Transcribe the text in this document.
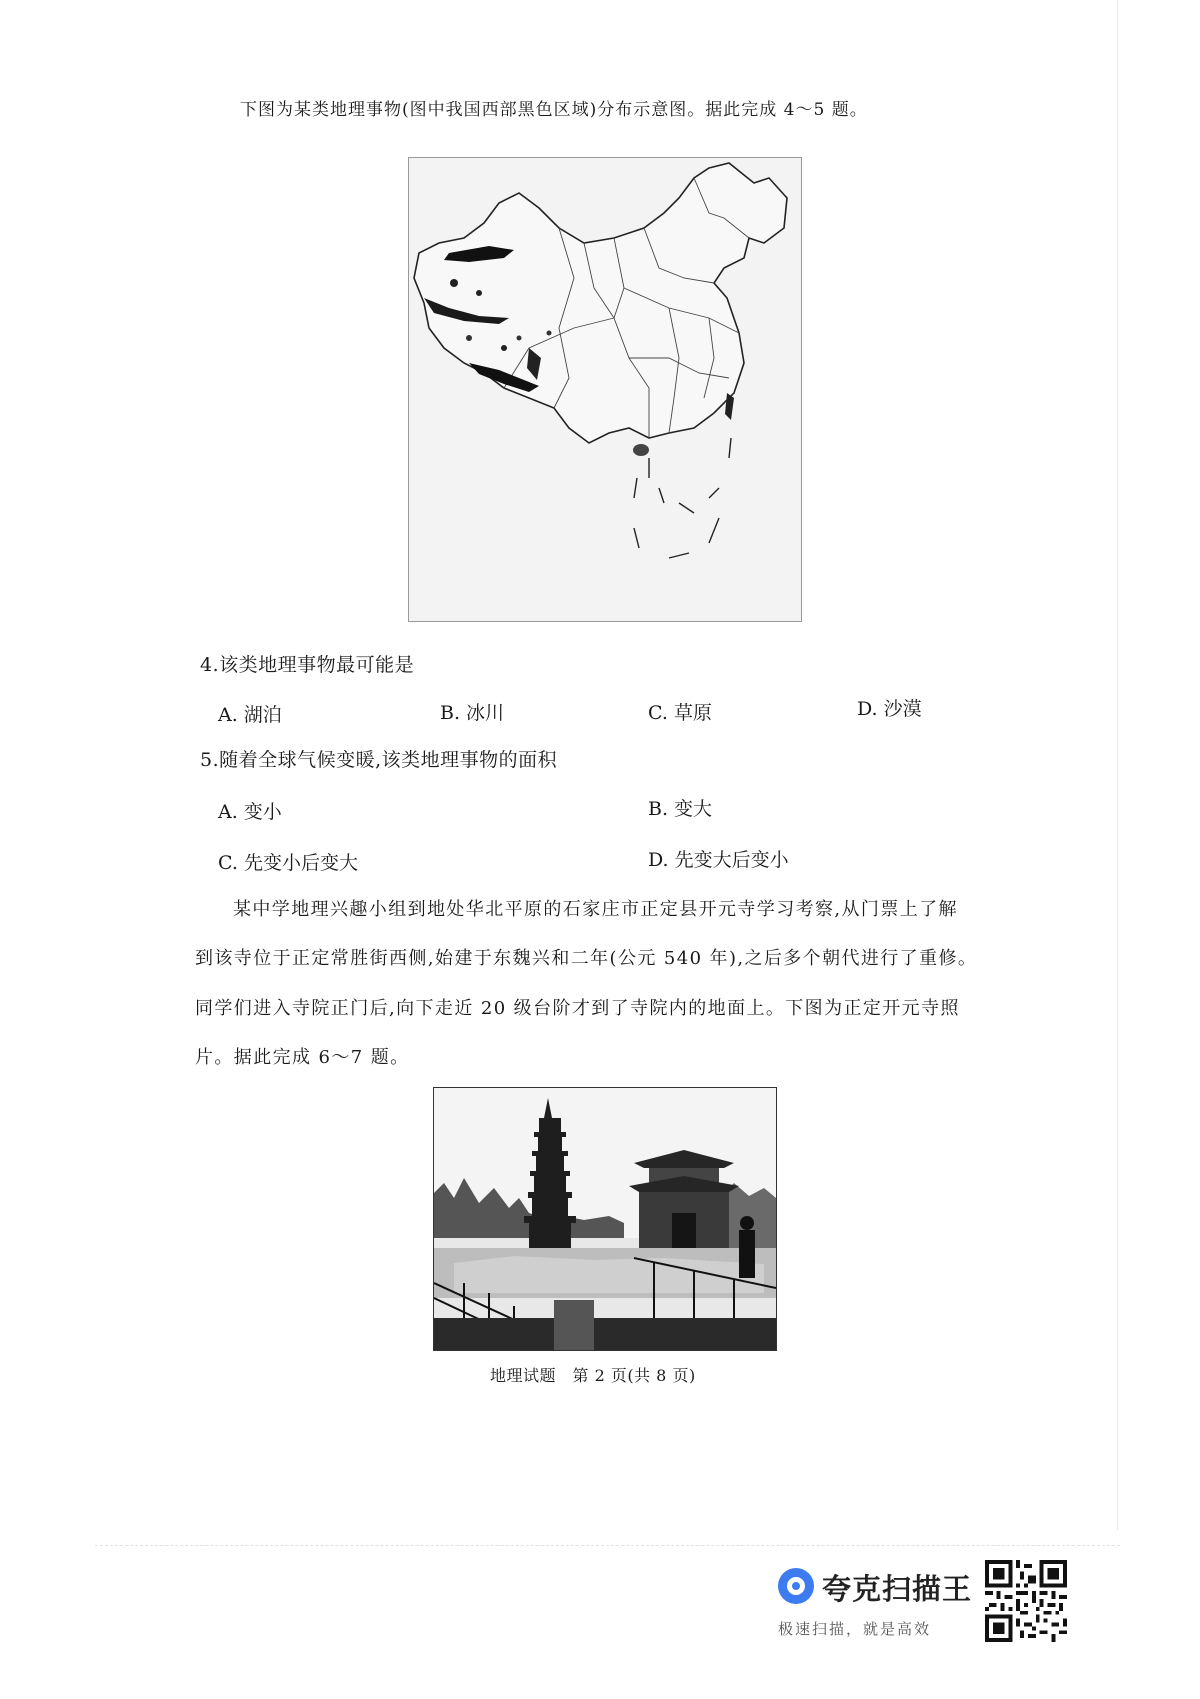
下图为某类地理事物(图中我国西部黑色区域)分布示意图。据此完成 4～5 题。
4.该类地理事物最可能是
A. 湖泊	B. 冰川	C. 草原	D. 沙漠
5.随着全球气候变暖,该类地理事物的面积
A. 变小	B. 变大
C. 先变小后变大	D. 先变大后变小
某中学地理兴趣小组到地处华北平原的石家庄市正定县开元寺学习考察,从门票上了解
到该寺位于正定常胜街西侧,始建于东魏兴和二年(公元 540 年),之后多个朝代进行了重修。
同学们进入寺院正门后,向下走近 20 级台阶才到了寺院内的地面上。下图为正定开元寺照
片。据此完成 6～7 题。
地理试题　第 2 页(共 8 页)
夸克扫描王
极速扫描，就是高效
